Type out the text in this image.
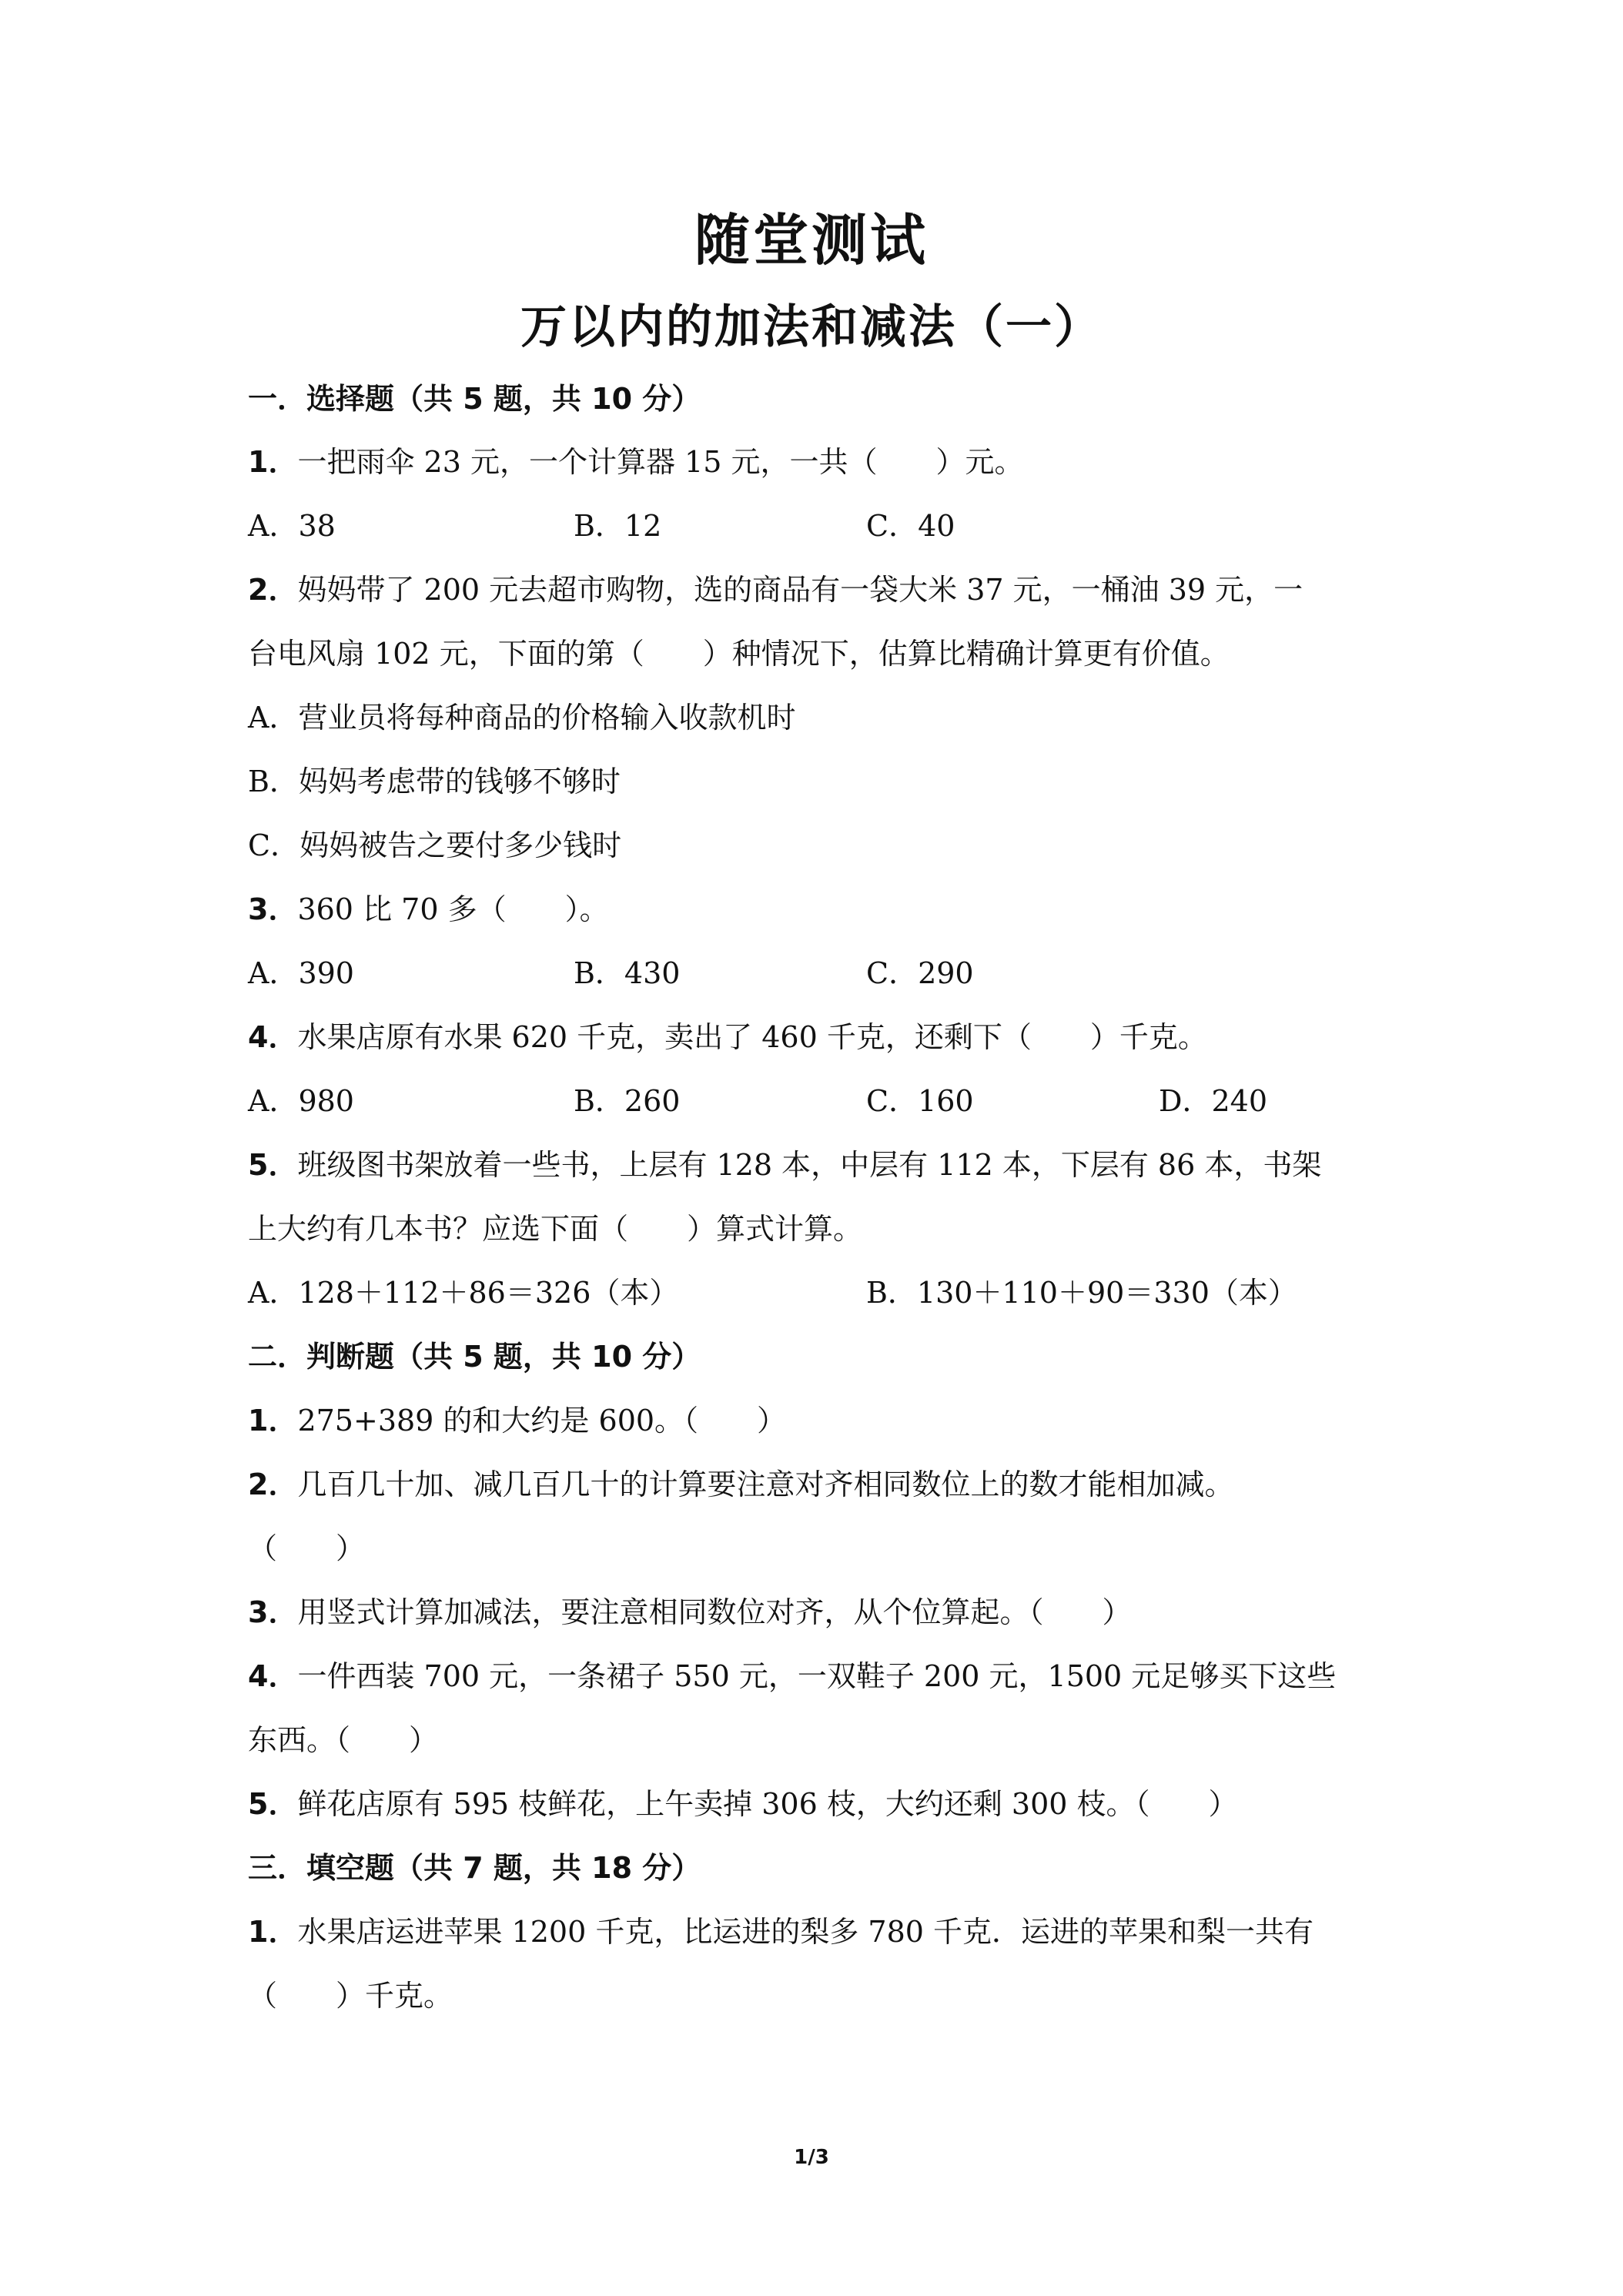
随堂测试
万以内的加法和减法（一）

一．选择题（共 5 题，共 10 分）

1．一把雨伞 23 元，一个计算器 15 元，一共（　　）元。

A．38	B．12	C．40

2．妈妈带了 200 元去超市购物，选的商品有一袋大米 37 元，一桶油 39 元，一

台电风扇 102 元，下面的第（　　）种情况下，估算比精确计算更有价值。

A．营业员将每种商品的价格输入收款机时
B．妈妈考虑带的钱够不够时
C．妈妈被告之要付多少钱时

3．360 比 70 多（　　）。

A．390	B．430	C．290

4．水果店原有水果 620 千克，卖出了 460 千克，还剩下（　　）千克。

A．980	B．260	C．160	D．240

5．班级图书架放着一些书，上层有 128 本，中层有 112 本，下层有 86 本，书架

上大约有几本书？应选下面（　　）算式计算。

A．128＋112＋86＝326（本）	B．130＋110＋90＝330（本）

二．判断题（共 5 题，共 10 分）

1．275+389 的和大约是 600。（　　）

2．几百几十加、减几百几十的计算要注意对齐相同数位上的数才能相加减。

（　　）

3．用竖式计算加减法，要注意相同数位对齐，从个位算起。（　　）

4．一件西装 700 元，一条裙子 550 元，一双鞋子 200 元，1500 元足够买下这些

东西。（　　）

5．鲜花店原有 595 枝鲜花，上午卖掉 306 枝，大约还剩 300 枝。（　　）

三．填空题（共 7 题，共 18 分）

1．水果店运进苹果 1200 千克，比运进的梨多 780 千克．运进的苹果和梨一共有

（　　）千克。

1/3
